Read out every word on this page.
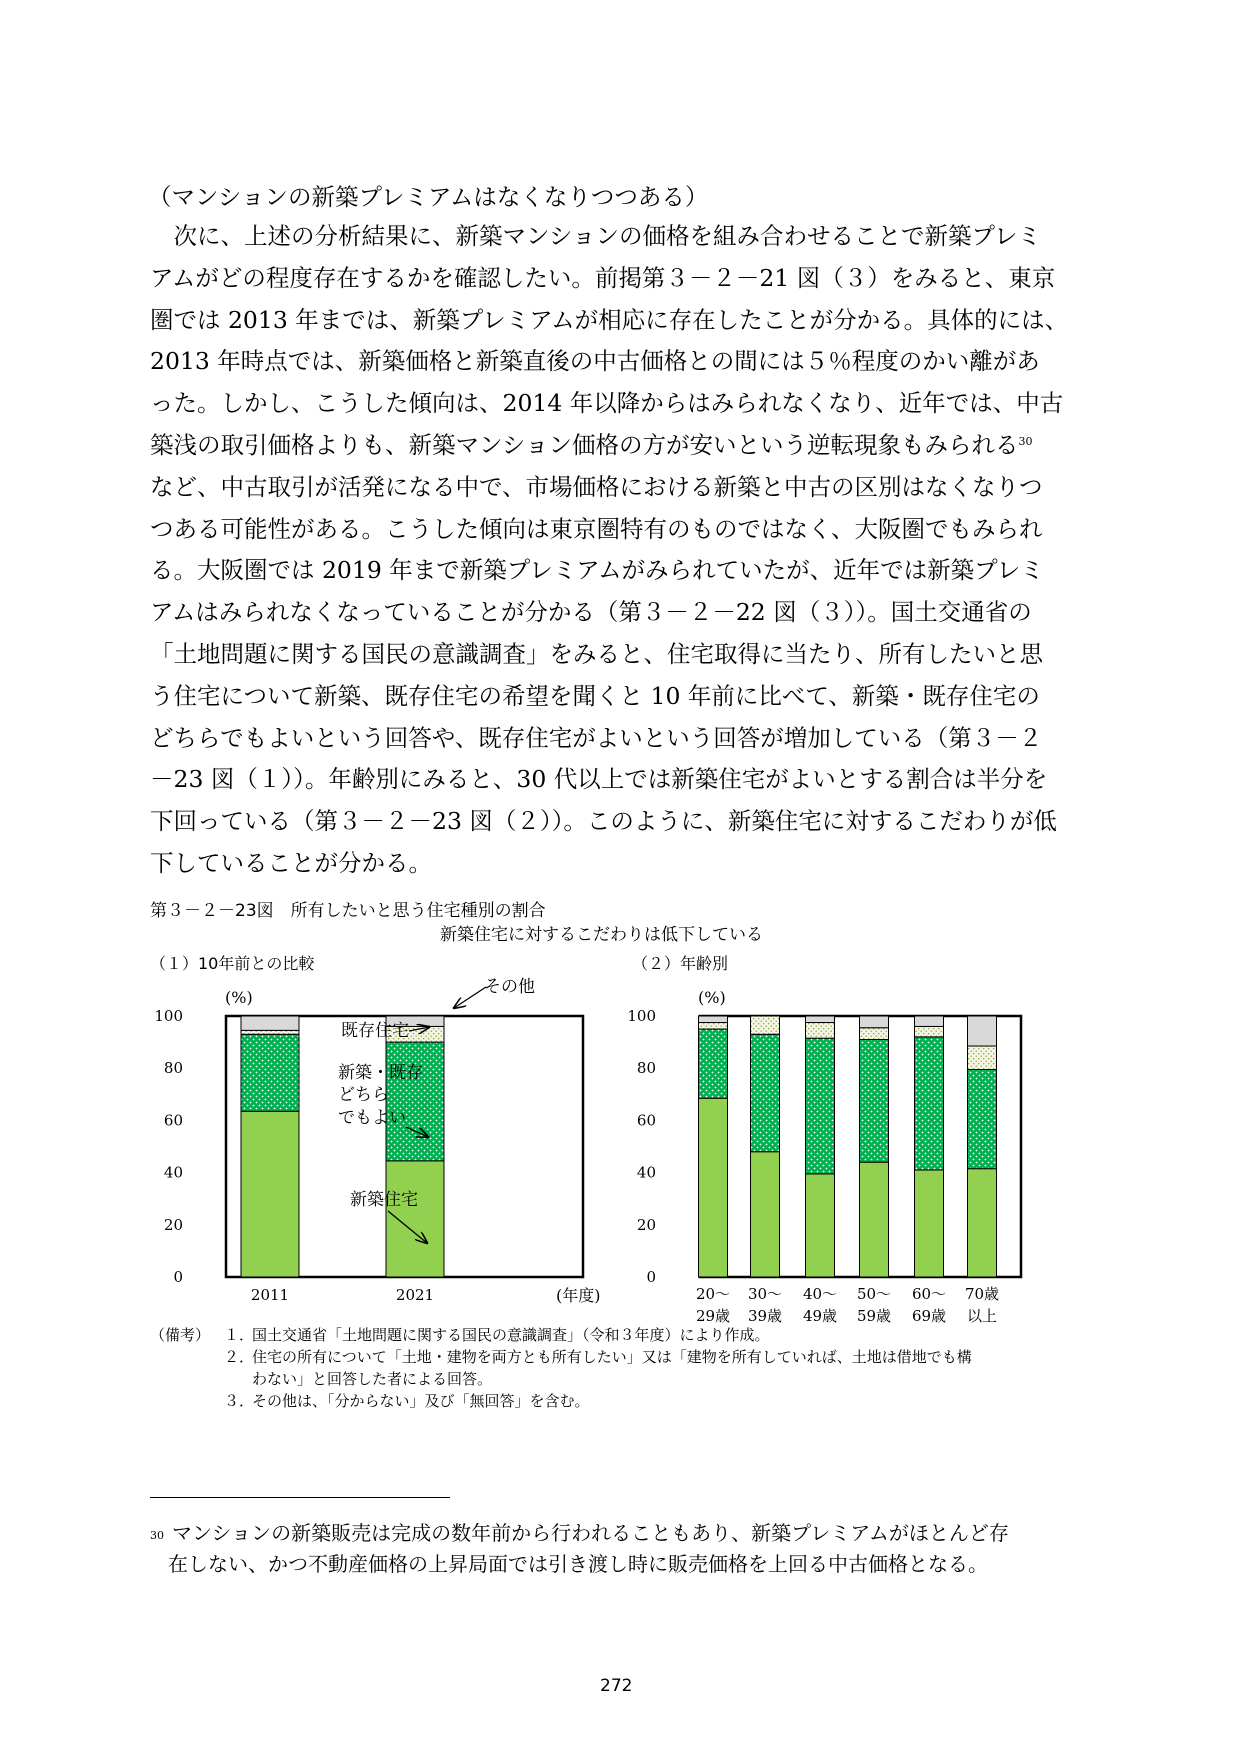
（マンションの新築プレミアムはなくなりつつある）
　次に、上述の分析結果に、新築マンションの価格を組み合わせることで新築プレミ
アムがどの程度存在するかを確認したい。前掲第３－２－21 図（３）をみると、東京
圏では 2013 年までは、新築プレミアムが相応に存在したことが分かる。具体的には、
2013 年時点では、新築価格と新築直後の中古価格との間には５％程度のかい離があ
った。しかし、こうした傾向は、2014 年以降からはみられなくなり、近年では、中古
築浅の取引価格よりも、新築マンション価格の方が安いという逆転現象もみられる$^{30}$
など、中古取引が活発になる中で、市場価格における新築と中古の区別はなくなりつ
つある可能性がある。こうした傾向は東京圏特有のものではなく、大阪圏でもみられ
る。大阪圏では 2019 年まで新築プレミアムがみられていたが、近年では新築プレミ
アムはみられなくなっていることが分かる（第３－２－22 図（３））。国土交通省の
「土地問題に関する国民の意識調査」をみると、住宅取得に当たり、所有したいと思
う住宅について新築、既存住宅の希望を聞くと 10 年前に比べて、新築・既存住宅の
どちらでもよいという回答や、既存住宅がよいという回答が増加している（第３－２
－23 図（１））。年齢別にみると、30 代以上では新築住宅がよいとする割合は半分を
下回っている（第３－２－23 図（２））。このように、新築住宅に対するこだわりが低
下していることが分かる。
第３－２－23図　所有したいと思う住宅種別の割合
新築住宅に対するこだわりは低下している
（１）10年前との比較	（２）年齢別
(%)
100
80
60
40
20
0
2011	2021	(年度)
その他
既存住宅
新築・既存
どちら
でもよい
新築住宅
(%)
100
80
60
40
20
0
20～
29歳
30～
39歳
40～
49歳
50～
59歳
60～
69歳
70歳
以上
（備考） １．
国土交通省「土地問題に関する国民の意識調査」（令和３年度）により作成。
２．
住宅の所有について「土地・建物を両方とも所有したい」又は「建物を所有していれば、土地は借地でも構
わない」と回答した者による回答。
３．
その他は、「分からない」及び「無回答」を含む。
$^{30}$ マンションの新築販売は完成の数年前から行われることもあり、新築プレミアムがほとんど存
在しない、かつ不動産価格の上昇局面では引き渡し時に販売価格を上回る中古価格となる。
272
